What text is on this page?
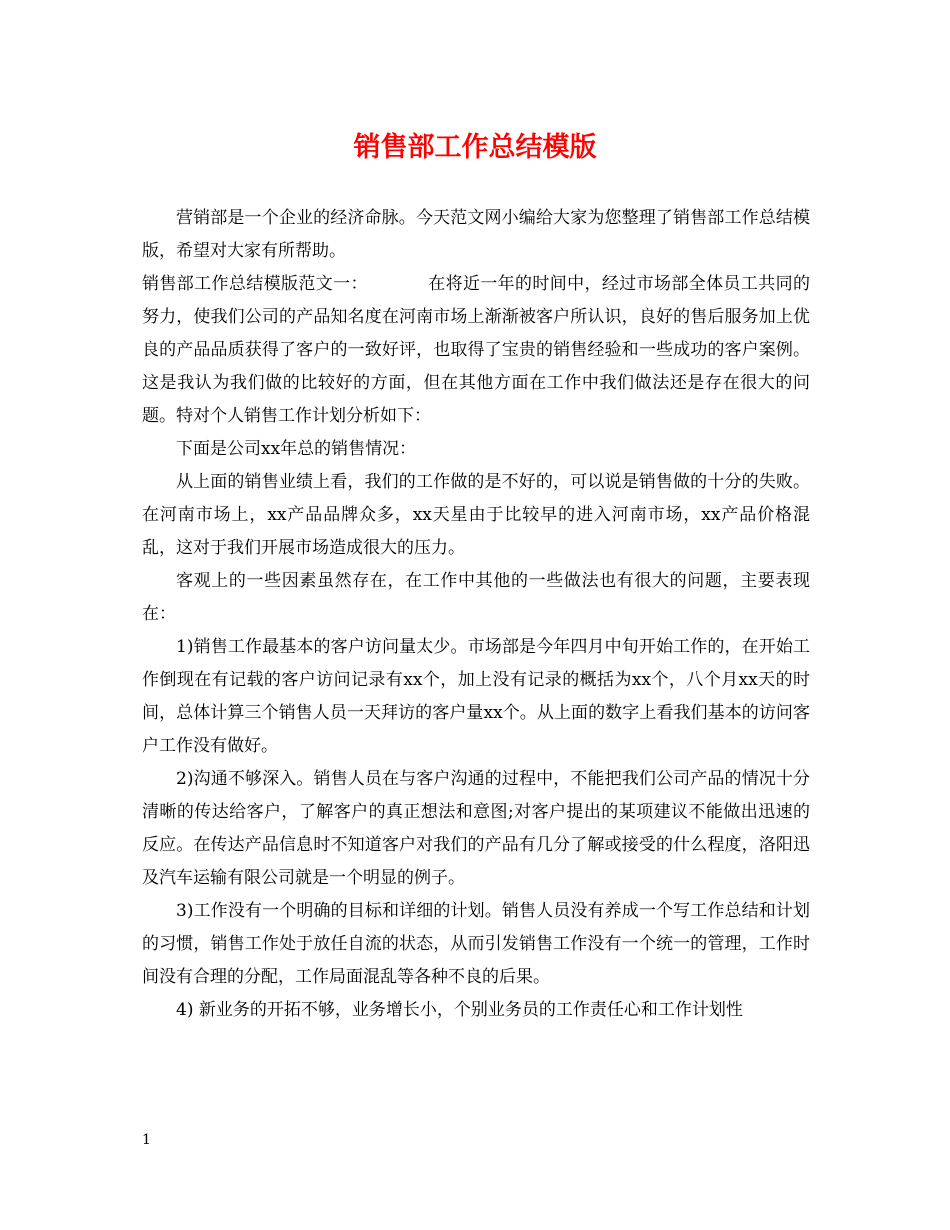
销售部工作总结模版

营销部是一个企业的经济命脉。今天范文网小编给大家为您整理了销售部工作总结模版，希望对大家有所帮助。

销售部工作总结模版范文一：	在将近一年的时间中，经过市场部全体员工共同的努力，使我们公司的产品知名度在河南市场上渐渐被客户所认识，良好的售后服务加上优良的产品品质获得了客户的一致好评，也取得了宝贵的销售经验和一些成功的客户案例。这是我认为我们做的比较好的方面，但在其他方面在工作中我们做法还是存在很大的问题。特对个人销售工作计划分析如下：

下面是公司xx年总的销售情况：

从上面的销售业绩上看，我们的工作做的是不好的，可以说是销售做的十分的失败。在河南市场上，xx产品品牌众多，xx天星由于比较早的进入河南市场，xx产品价格混乱，这对于我们开展市场造成很大的压力。

客观上的一些因素虽然存在，在工作中其他的一些做法也有很大的问题，主要表现在：

1)销售工作最基本的客户访问量太少。市场部是今年四月中旬开始工作的，在开始工作倒现在有记载的客户访问记录有xx个，加上没有记录的概括为xx个，八个月xx天的时间，总体计算三个销售人员一天拜访的客户量xx个。从上面的数字上看我们基本的访问客户工作没有做好。

2)沟通不够深入。销售人员在与客户沟通的过程中，不能把我们公司产品的情况十分清晰的传达给客户，了解客户的真正想法和意图;对客户提出的某项建议不能做出迅速的反应。在传达产品信息时不知道客户对我们的产品有几分了解或接受的什么程度，洛阳迅及汽车运输有限公司就是一个明显的例子。

3)工作没有一个明确的目标和详细的计划。销售人员没有养成一个写工作总结和计划的习惯，销售工作处于放任自流的状态，从而引发销售工作没有一个统一的管理，工作时间没有合理的分配，工作局面混乱等各种不良的后果。

4) 新业务的开拓不够，业务增长小，个别业务员的工作责任心和工作计划性

1
